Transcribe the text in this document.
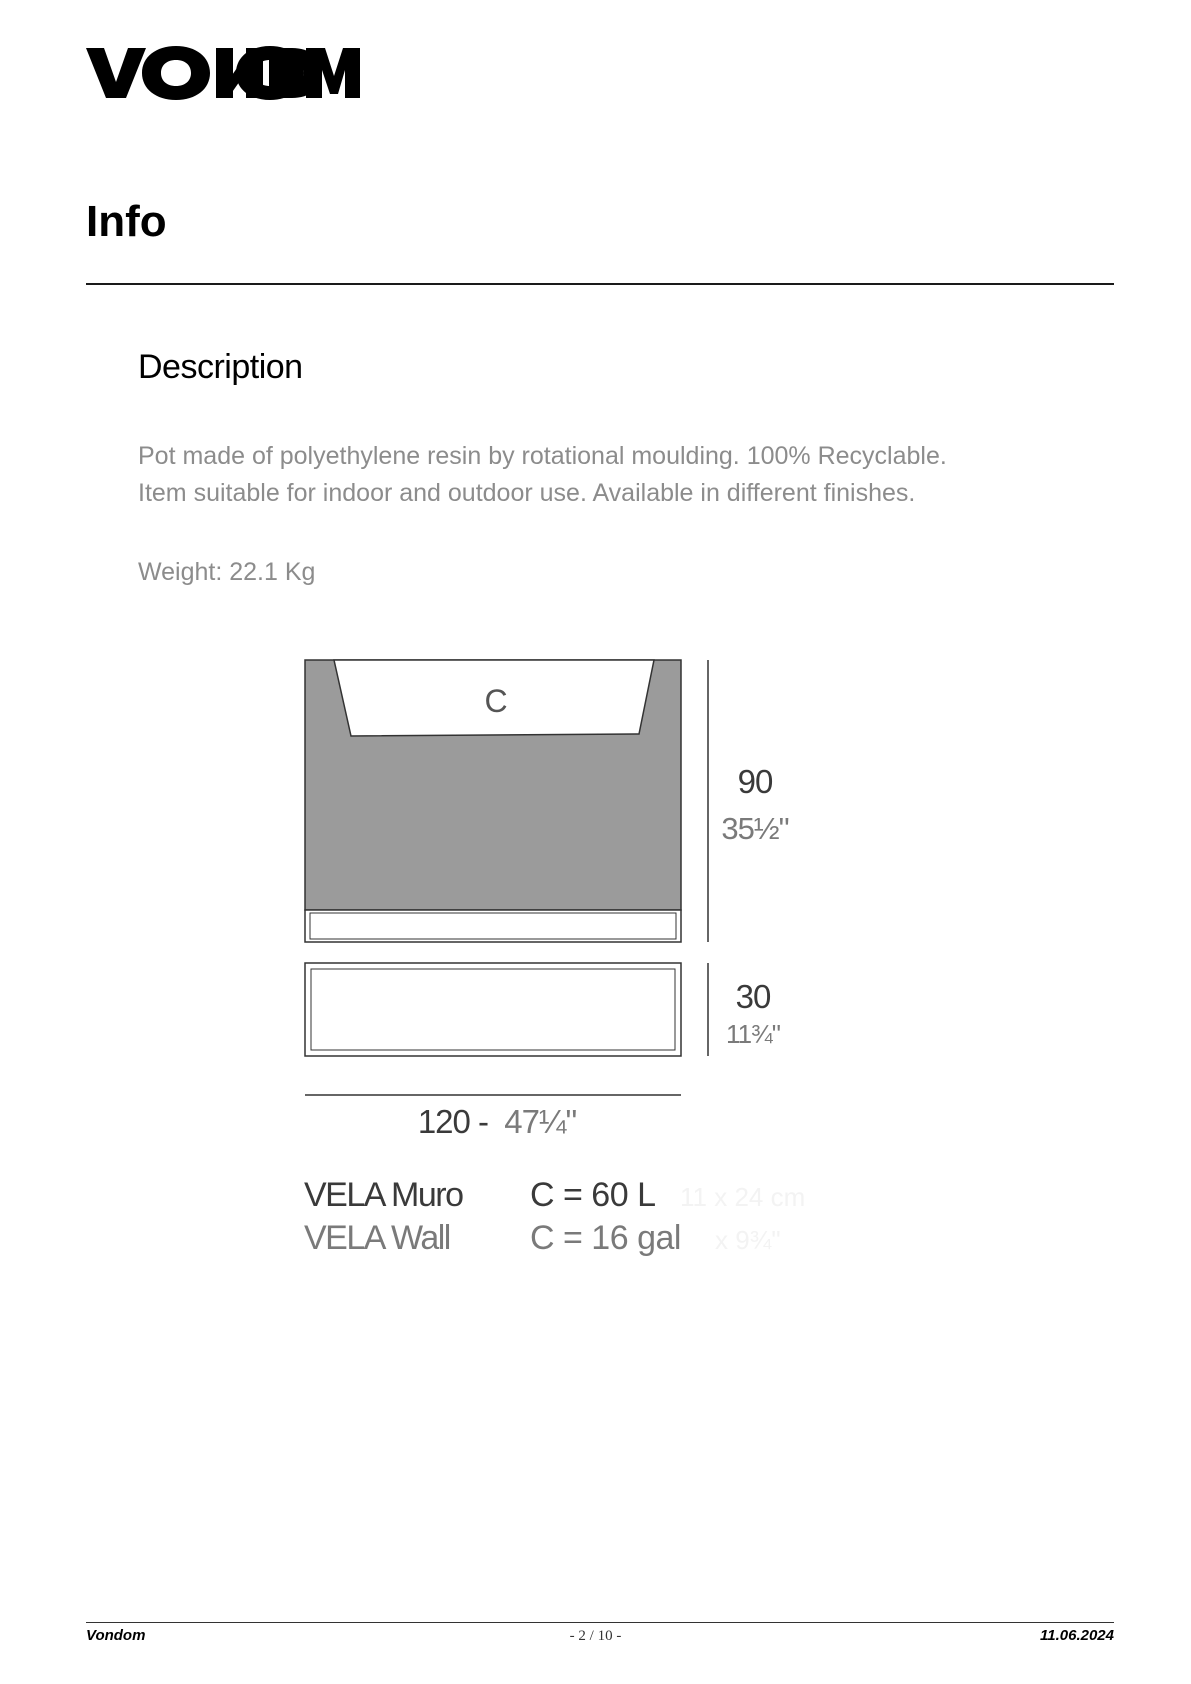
Info
Description

Pot made of polyethylene resin by rotational moulding. 100% Recyclable.
Item suitable for indoor and outdoor use. Available in different finishes.

Weight: 22.1 Kg

C
90
35½"
30
11¾"
120 - 47¼"
VELA Muro C = 60 L 11 x 24 cm
VELA Wall C = 16 gal x 9¾"
Vondom	- 2 / 10 -	11.06.2024
